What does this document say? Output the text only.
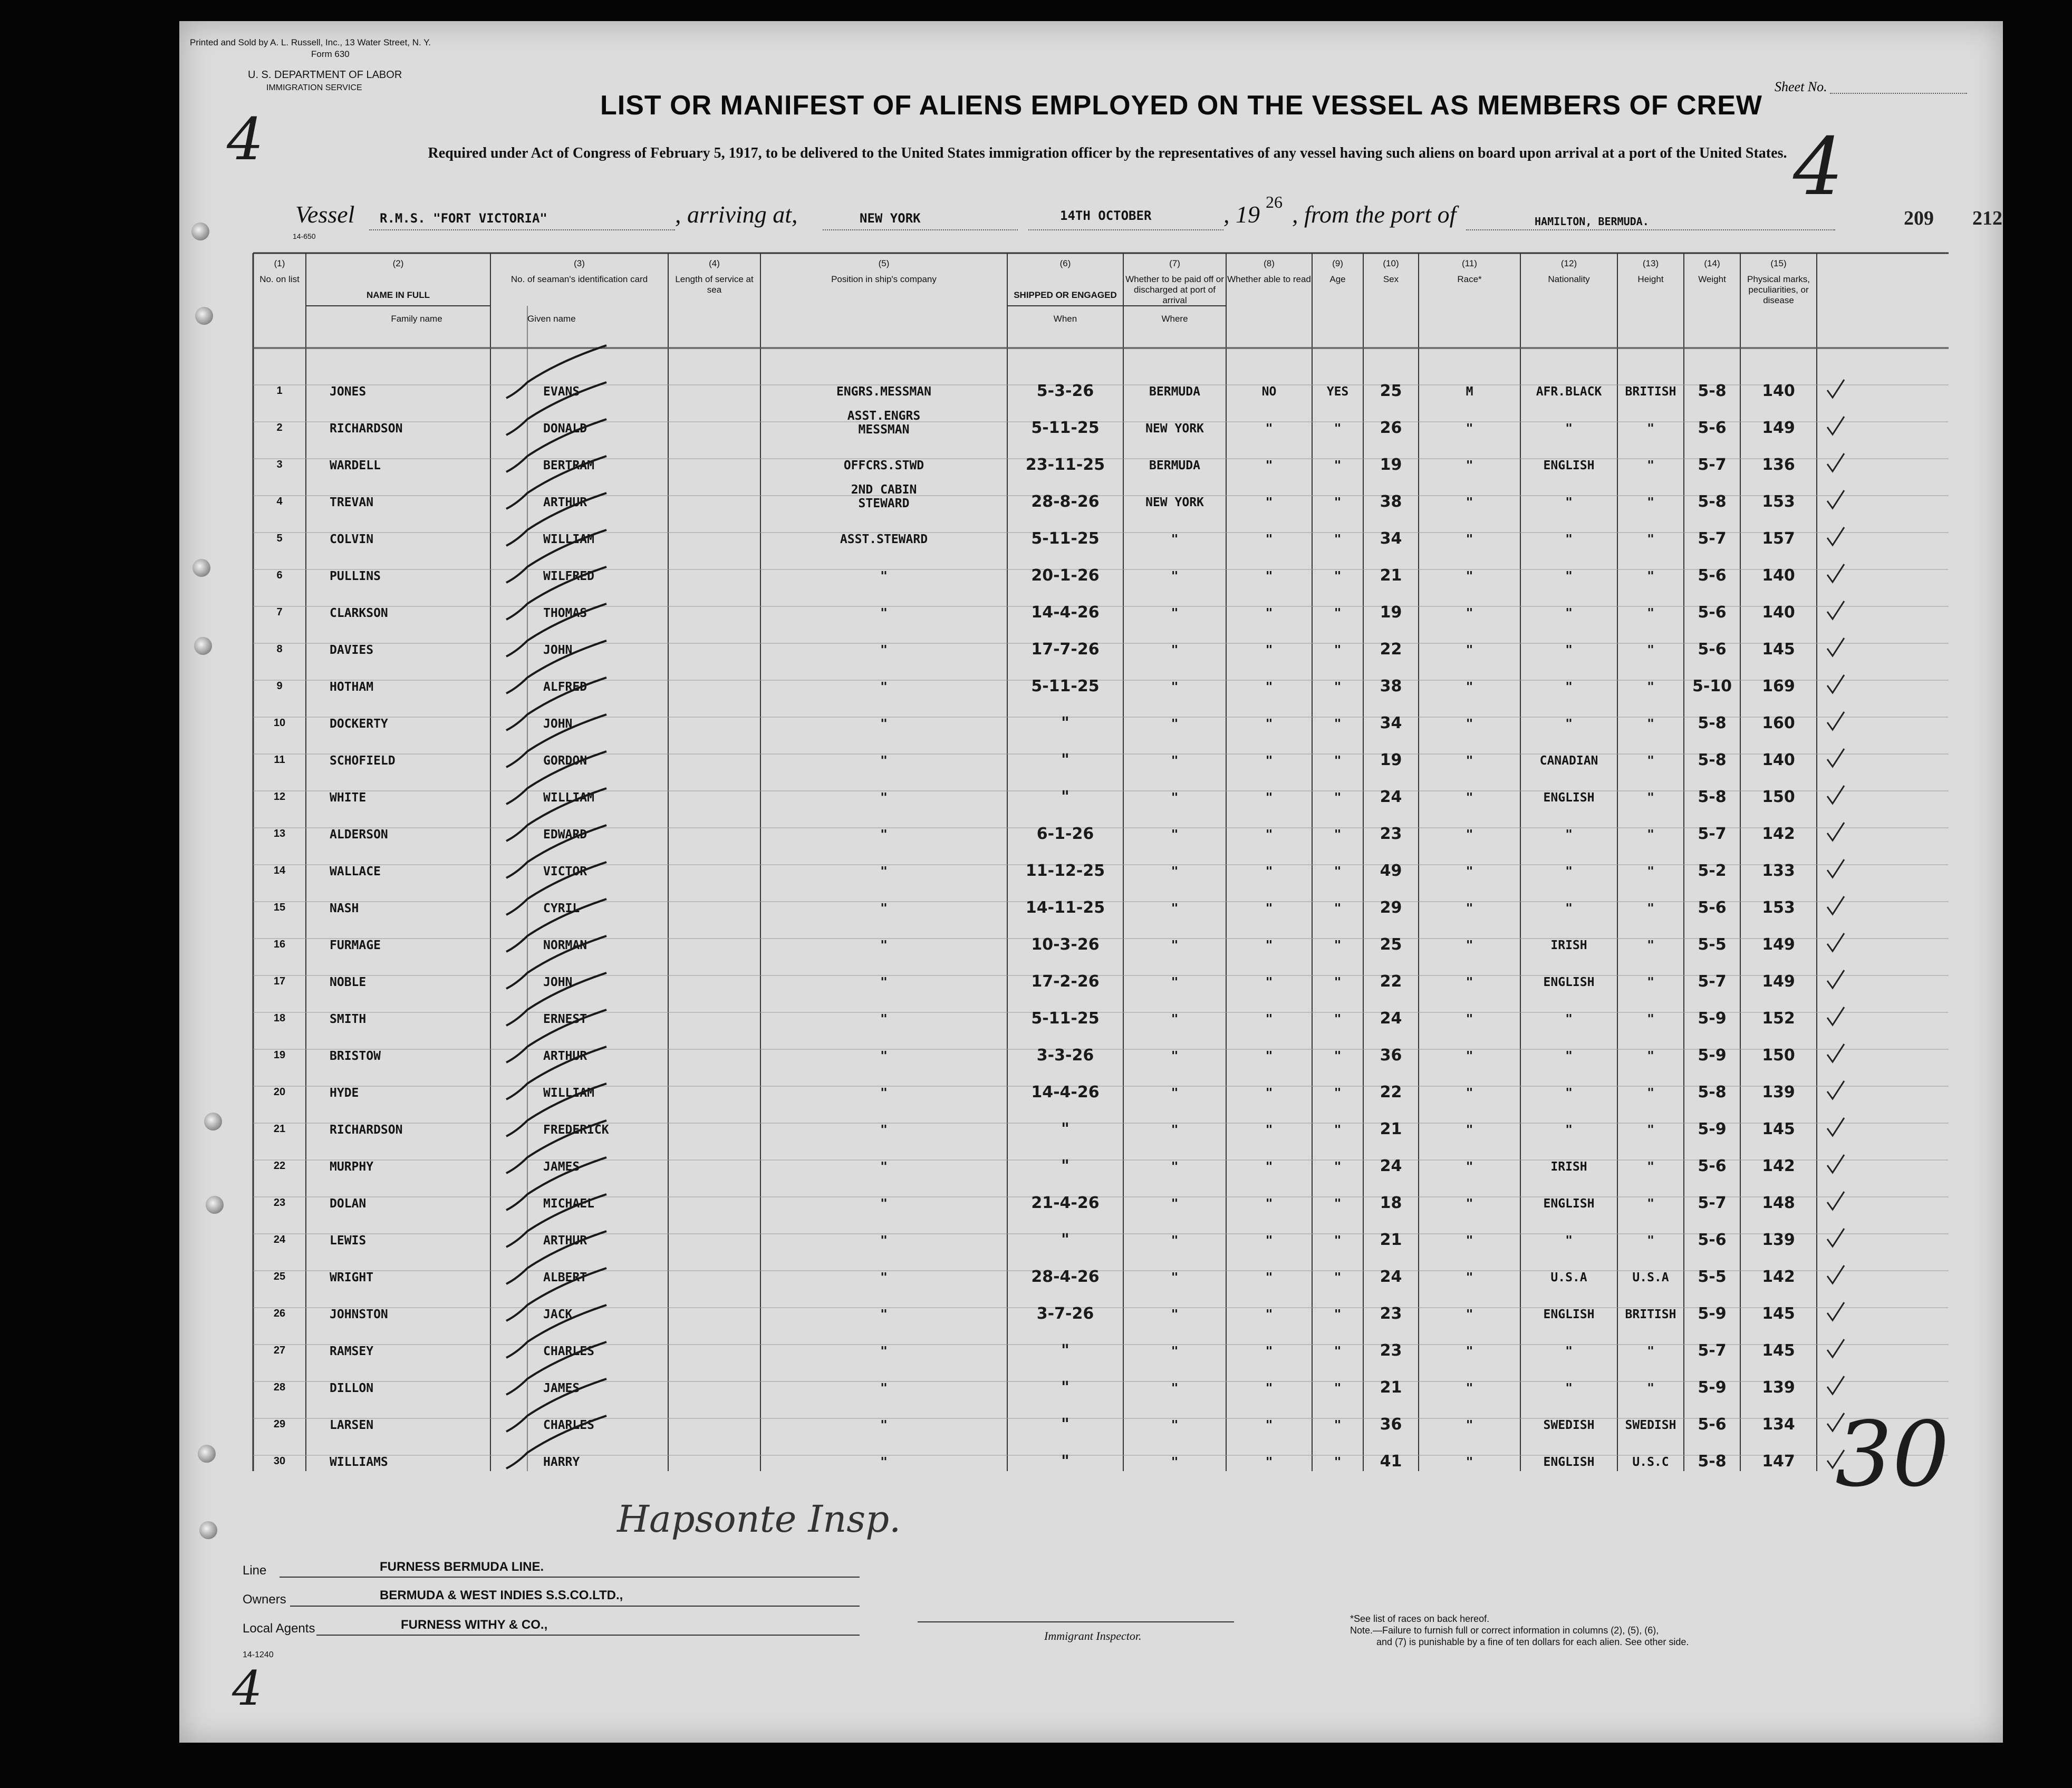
Printed and Sold by A. L. Russell, Inc., 13 Water Street, N. Y.
Form 630
U. S. DEPARTMENT OF LABOR
IMMIGRATION SERVICE	Sheet No.
LIST OR MANIFEST OF ALIENS EMPLOYED ON THE VESSEL AS MEMBERS OF CREW
Required under Act of Congress of February 5, 1917, to be delivered to the United States immigration officer by the representatives of any vessel having such aliens on board upon arrival at a port of the United States.
4	4
Vessel R.M.S. "FORT VICTORIA"	, arriving at,	NEW YORK	14TH OCTOBER	, 19 26 , from the port of	HAMILTON, BERMUDA.	209 212
14-650
(1)
No. on list
(2)
NAME IN FULL
(3)
No. of seaman's identification card
(4)
Length of service at sea
(5)
Position in ship's company
(6)
SHIPPED OR ENGAGED
(7)
Whether to be paid off or discharged at port of arrival
(8)
Whether able to read
(9)
Age
(10)
Sex
(11)
Race*
(12)
Nationality
(13)
Height
(14)
Weight
(15)
Physical marks, peculiarities, or disease
Family name	Given name	When	Where
1	JONES	EVANS	ENGRS.MESSMAN	5-3-26	BERMUDA	NO	YES	25	M	AFR.BLACK	BRITISH	5-8	140
2	RICHARDSON	DONALD
ASST.ENGRS
MESSMAN	5-11-25	NEW YORK	"	"	26	"	"	"	5-6	149
3	WARDELL	BERTRAM	OFFCRS.STWD	23-11-25	BERMUDA	"	"	19	"	ENGLISH	"	5-7	136
4	TREVAN	ARTHUR
2ND CABIN
STEWARD	28-8-26	NEW YORK	"	"	38	"	"	"	5-8	153
5	COLVIN	WILLIAM	ASST.STEWARD	5-11-25	"	"	"	34	"	"	"	5-7	157
6	PULLINS	WILFRED	"	20-1-26	"	"	"	21	"	"	"	5-6	140
7	CLARKSON	THOMAS	"	14-4-26	"	"	"	19	"	"	"	5-6	140
8	DAVIES	JOHN	"	17-7-26	"	"	"	22	"	"	"	5-6	145
9	HOTHAM	ALFRED	"	5-11-25	"	"	"	38	"	"	"	5-10	169
10	DOCKERTY	JOHN	"	"	"	"	"	34	"	"	"	5-8	160
11	SCHOFIELD	GORDON	"	"	"	"	"	19	"	CANADIAN	"	5-8	140
12	WHITE	WILLIAM	"	"	"	"	"	24	"	ENGLISH	"	5-8	150
13	ALDERSON	EDWARD	"	6-1-26	"	"	"	23	"	"	"	5-7	142
14	WALLACE	VICTOR	"	11-12-25	"	"	"	49	"	"	"	5-2	133
15	NASH	CYRIL	"	14-11-25	"	"	"	29	"	"	"	5-6	153
16	FURMAGE	NORMAN	"	10-3-26	"	"	"	25	"	IRISH	"	5-5	149
17	NOBLE	JOHN	"	17-2-26	"	"	"	22	"	ENGLISH	"	5-7	149
18	SMITH	ERNEST	"	5-11-25	"	"	"	24	"	"	"	5-9	152
19	BRISTOW	ARTHUR	"	3-3-26	"	"	"	36	"	"	"	5-9	150
20	HYDE	WILLIAM	"	14-4-26	"	"	"	22	"	"	"	5-8	139
21	RICHARDSON	FREDERICK	"	"	"	"	"	21	"	"	"	5-9	145
22	MURPHY	JAMES	"	"	"	"	"	24	"	IRISH	"	5-6	142
23	DOLAN	MICHAEL	"	21-4-26	"	"	"	18	"	ENGLISH	"	5-7	148
24	LEWIS	ARTHUR	"	"	"	"	"	21	"	"	"	5-6	139
25	WRIGHT	ALBERT	"	28-4-26	"	"	"	24	"	U.S.A	U.S.A	5-5	142
26	JOHNSTON	JACK	"	3-7-26	"	"	"	23	"	ENGLISH	BRITISH	5-9	145
27	RAMSEY	CHARLES	"	"	"	"	"	23	"	"	"	5-7	145
28	DILLON	JAMES	"	"	"	"	"	21	"	"	"	5-9	139
29	LARSEN	CHARLES	"	"	"	"	"	36	"	SWEDISH	SWEDISH	5-6	134
30	WILLIAMS	HARRY	"	"	"	"	"	41	"	ENGLISH	U.S.C	5-8	147 30
Hapsonte Insp.
Line	FURNESS BERMUDA LINE.
Owners	BERMUDA & WEST INDIES S.S.CO.LTD.,
Local Agents	FURNESS WITHY & CO.,
Immigrant Inspector.
*See list of races on back hereof.
Note.—Failure to furnish full or correct information in columns (2), (5), (6),
and (7) is punishable by a fine of ten dollars for each alien. See other side.
14-1240
4
